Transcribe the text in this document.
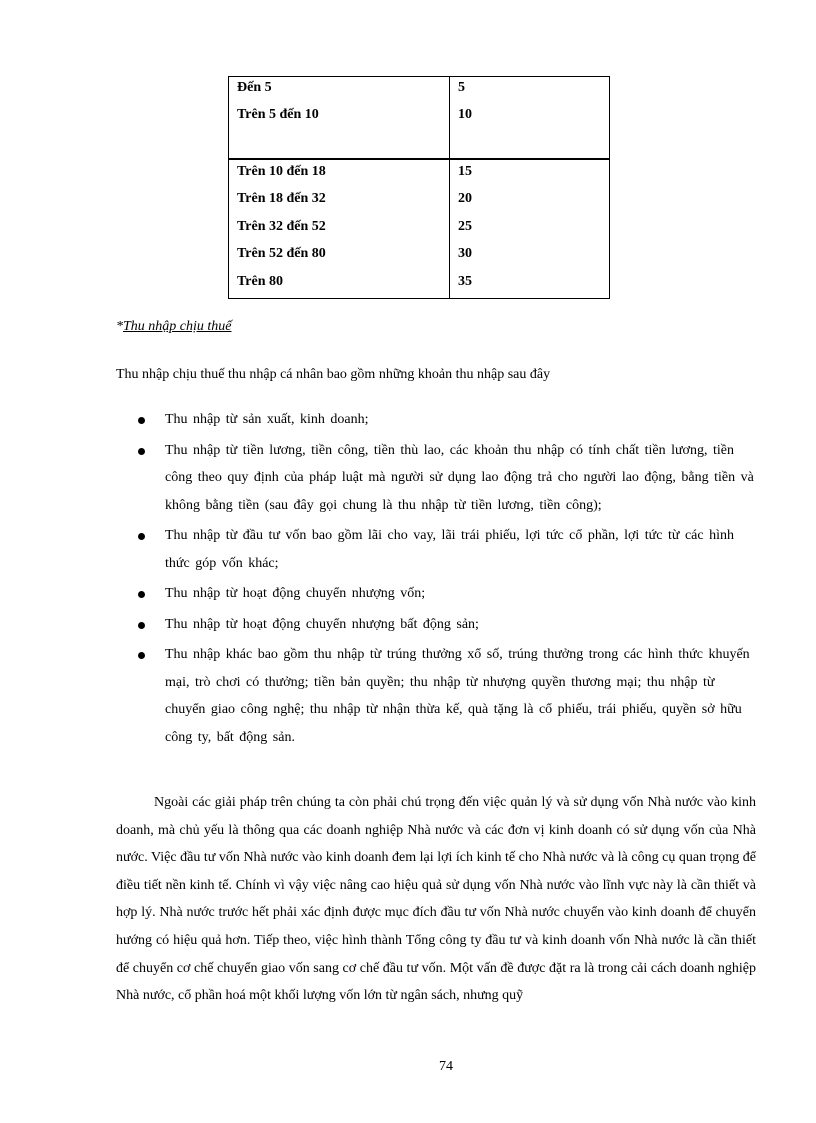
Đến 5	5
Trên 5 đến 10	10
Trên 10 đến 18	15
Trên 18 đến 32	20
Trên 32 đến 52	25
Trên 52 đến 80	30
Trên 80	35
*Thu nhập chịu thuế
Thu nhập chịu thuế thu nhập cá nhân bao gồm những khoản thu nhập sau đây
Thu nhập từ sản xuất, kinh doanh;
Thu nhập từ tiền lương, tiền công, tiền thù lao, các khoản thu nhập có tính chất tiền lương, tiền công theo quy định của pháp luật mà người sử dụng lao động trả cho người lao động, bằng tiền và không bằng tiền (sau đây gọi chung là thu nhập từ tiền lương, tiền công);
Thu nhập từ đầu tư vốn bao gồm lãi cho vay, lãi trái phiếu, lợi tức cổ phần, lợi tức từ các hình thức góp vốn khác;
Thu nhập từ hoạt động chuyển nhượng vốn;
Thu nhập từ hoạt động chuyển nhượng bất động sản;
Thu nhập khác bao gồm thu nhập từ trúng thưởng xổ số, trúng thưởng trong các hình thức khuyến mại, trò chơi có thưởng; tiền bản quyền; thu nhập từ nhượng quyền thương mại; thu nhập từ chuyển giao công nghệ; thu nhập từ nhận thừa kế, quà tặng là cổ phiếu, trái phiếu, quyền sở hữu công ty, bất động sản.

Ngoài các giải pháp trên chúng ta còn phải chú trọng đến việc quản lý và sử dụng vốn Nhà nước vào kinh doanh, mà chủ yếu là thông qua các doanh nghiệp Nhà nước và các đơn vị kinh doanh có sử dụng vốn của Nhà nước. Việc đầu tư vốn Nhà nước vào kinh doanh đem lại lợi ích kinh tế cho Nhà nước và là công cụ quan trọng để điều tiết nền kinh tế. Chính vì vậy việc nâng cao hiệu quả sử dụng vốn Nhà nước vào lĩnh vực này là cần thiết và hợp lý. Nhà nước trước hết phải xác định được mục đích đầu tư vốn Nhà nước chuyển vào kinh doanh để chuyển hướng có hiệu quả hơn. Tiếp theo, việc hình thành Tổng công ty đầu tư và kinh doanh vốn Nhà nước là cần thiết để chuyển cơ chế chuyển giao vốn sang cơ chế đầu tư vốn. Một vấn đề được đặt ra là trong cải cách doanh nghiệp Nhà nước, cổ phần hoá một khối lượng vốn lớn từ ngân sách, nhưng quỹ

74
